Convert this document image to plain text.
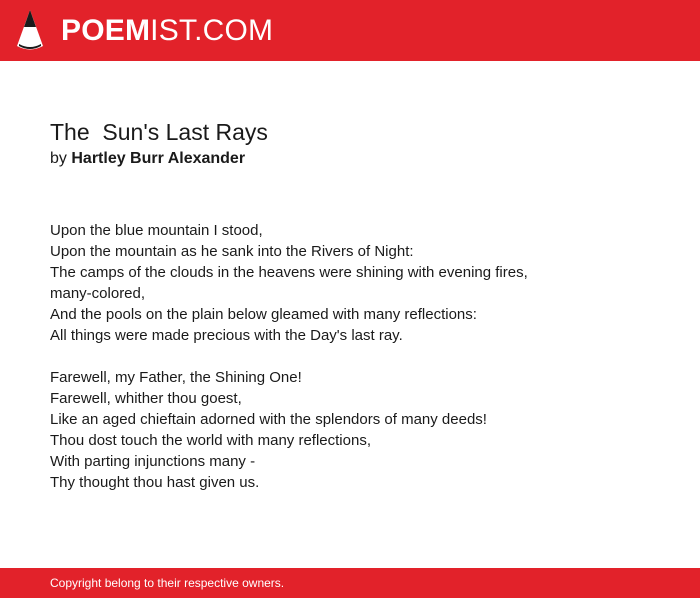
POEMIST.COM
The  Sun's Last Rays
by Hartley Burr Alexander
Upon the blue mountain I stood,
Upon the mountain as he sank into the Rivers of Night:
The camps of the clouds in the heavens were shining with evening fires,
many-colored,
And the pools on the plain below gleamed with many reflections:
All things were made precious with the Day's last ray.
Farewell, my Father, the Shining One!
Farewell, whither thou goest,
Like an aged chieftain adorned with the splendors of many deeds!
Thou dost touch the world with many reflections,
With parting injunctions many -
Thy thought thou hast given us.
Copyright belong to their respective owners.
